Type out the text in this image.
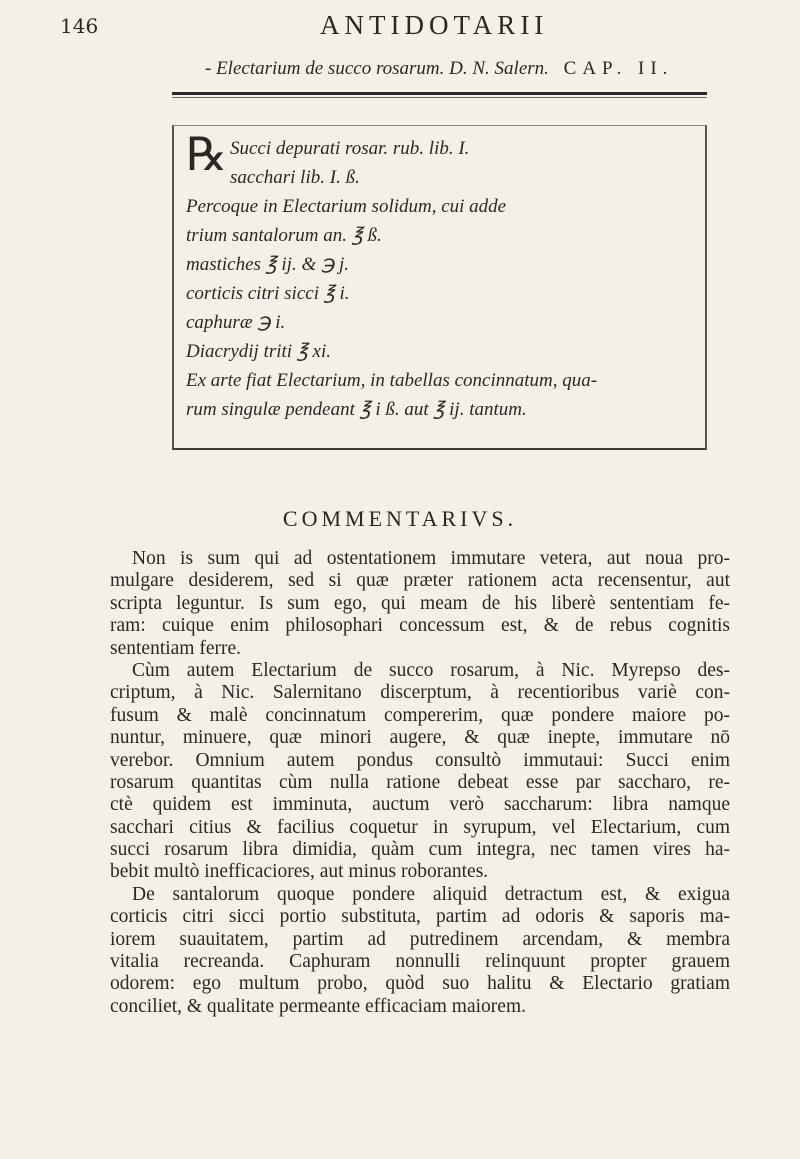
146	ANTIDOTARII
- Electarium de succo rosarum. D. N. Salern. CAP. II.
℞ Succi depurati rosar. rub. lib. I.
sacchari lib. I. ß.
Percoque in Electarium solidum, cui adde
trium santalorum an. ℥ ß.
mastiches ℥ ij. & ℈ j.
corticis citri sicci ℥ i.
caphuræ ℈ i.
Diacrydij triti ℥ xi.
Ex arte fiat Electarium, in tabellas concinnatum, qua-
rum singulæ pendeant ℥ i ß. aut ℥ ij. tantum.
COMMENTARIVS.
Non is sum qui ad ostentationem immutare vetera, aut noua pro-
mulgare desiderem, sed si quæ præter rationem acta recensentur, aut
scripta leguntur. Is sum ego, qui meam de his liberè sententiam fe-
ram: cuique enim philosophari concessum est, & de rebus cognitis
sententiam ferre.
Cùm autem Electarium de succo rosarum, à Nic. Myrepso des-
criptum, à Nic. Salernitano discerptum, à recentioribus variè con-
fusum & malè concinnatum compererim, quæ pondere maiore po-
nuntur, minuere, quæ minori augere, & quæ inepte, immutare nō
verebor. Omnium autem pondus consultò immutaui: Succi enim
rosarum quantitas cùm nulla ratione debeat esse par saccharo, re-
ctè quidem est imminuta, auctum verò saccharum: libra namque
sacchari citius & facilius coquetur in syrupum, vel Electarium, cum
succi rosarum libra dimidia, quàm cum integra, nec tamen vires ha-
bebit multò inefficaciores, aut minus roborantes.
De santalorum quoque pondere aliquid detractum est, & exigua
corticis citri sicci portio substituta, partim ad odoris & saporis ma-
iorem suauitatem, partim ad putredinem arcendam, & membra
vitalia recreanda. Caphuram nonnulli relinquunt propter grauem
odorem: ego multum probo, quòd suo halitu & Electario gratiam
conciliet, & qualitate permeante efficaciam maiorem.
